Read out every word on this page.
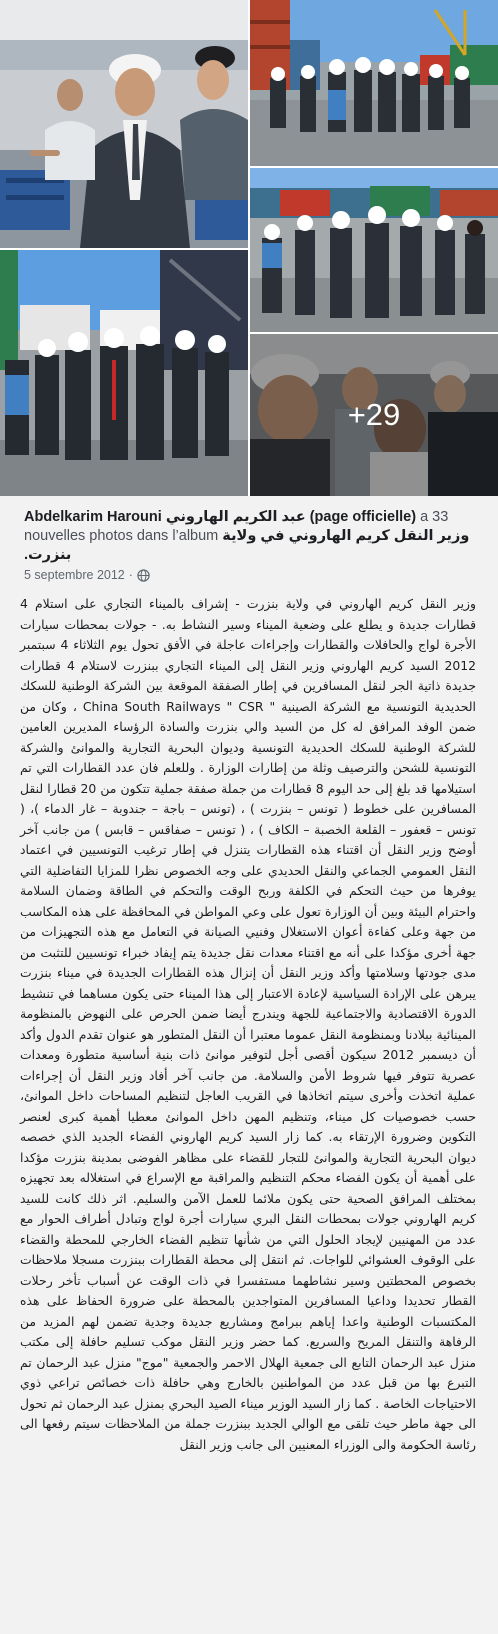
+29
Abdelkarim Harouni عبد الكريم الهاروني (page officielle) a 33 nouvelles photos dans l’album وزير النقل كريم الهاروني في ولاية بنزرت.
5 septembre 2012 ·
وزير النقل كريم الهاروني في ولاية بنزرت - إشراف بالميناء التجاري على استلام 4 قطارات جديدة و يطلع على وضعية الميناء وسير النشاط به. - جولات بمحطات سيارات الأجرة لواج والحافلات والقطارات وإجراءات عاجلة في الأفق تحول يوم الثلاثاء 4 سبتمبر 2012 السيد كريم الهاروني وزير النقل إلى الميناء التجاري ببنزرت لاستلام 4 قطارات جديدة ذاتية الجر لنقل المسافرين في إطار الصفقة الموقعة بين الشركة الوطنية للسكك الحديدية التونسية مع الشركة الصينية " China South Railways " CSR ، وكان من ضمن الوفد المرافق له كل من السيد والي بنزرت والسادة الرؤساء المديرين العامين للشركة الوطنية للسكك الحديدية التونسية وديوان البحرية التجارية والموانئ والشركة التونسية للشحن والترصيف وثلة من إطارات الوزارة . وللعلم فان عدد القطارات التي تم استيلامها قد بلغ إلى حد اليوم 8 قطارات من جملة صفقة جملية تتكون من 20 قطارا لنقل المسافرين على خطوط ( تونس – بنزرت ) ، (تونس – باجة – جندوبة – غار الدماء )، ( تونس – قعفور – القلعة الخصبة – الكاف ) ، ( تونس – صفاقس – قابس ) من جانب آخر أوضح وزير النقل أن اقتناء هذه القطارات يتنزل في إطار ترغيب التونسيين في اعتماد النقل العمومي الجماعي والنقل الحديدي على وجه الخصوص نظرا للمزايا التفاضلية التي يوفرها من حيث التحكم في الكلفة وربح الوقت والتحكم في الطاقة وضمان السلامة واحترام البيئة وبين أن الوزارة تعول على وعي المواطن في المحافظة على هذه المكاسب من جهة وعلى كفاءة أعوان الاستغلال وفنيي الصيانة في التعامل مع هذه التجهيزات من جهة أخرى مؤكدا على أنه مع اقتناء معدات نقل جديدة يتم إيفاد خبراء تونسيين للتثبت من مدى جودتها وسلامتها وأكد وزير النقل أن إنزال هذه القطارات الجديدة في ميناء بنزرت يبرهن على الإرادة السياسية لإعادة الاعتبار إلى هذا الميناء حتى يكون مساهما في تنشيط الدورة الاقتصادية والاجتماعية للجهة ويندرج أيضا ضمن الحرص على النهوض بالمنظومة المينائية ببلادنا وبمنظومة النقل عموما معتبرا أن النقل المتطور هو عنوان تقدم الدول وأكد أن ديسمبر 2012 سيكون أقصى أجل لتوفير موانئ ذات بنية أساسية متطورة ومعدات عصرية تتوفر فيها شروط الأمن والسلامة. من جانب آخر أفاد وزير النقل أن إجراءات عملية اتخذت وأخرى سيتم اتخاذها في القريب العاجل لتنظيم المساحات داخل الموانئ، حسب خصوصيات كل ميناء، وتنظيم المهن داخل الموانئ معطيا أهمية كبرى لعنصر التكوين وضرورة الإرتقاء به. كما زار السيد كريم الهاروني الفضاء الجديد الذي خصصه ديوان البحرية التجارية والموانئ للتجار للقضاء على مظاهر الفوضى بمدينة بنزرت مؤكدا على أهمية أن يكون الفضاء محكم التنظيم والمراقبة مع الإسراع في استغلاله بعد تجهيزه بمختلف المرافق الصحية حتى يكون ملائما للعمل الآمن والسليم. اثر ذلك كانت للسيد كريم الهاروني جولات بمحطات النقل البري سيارات أجرة لواج وتبادل أطراف الحوار مع عدد من المهنيين لإيجاد الحلول التي من شأنها تنظيم الفضاء الخارجي للمحطة والقضاء على الوقوف العشوائي للواجات. ثم انتقل إلى محطة القطارات ببنزرت مسجلا ملاحظات بخصوص المحطتين وسير نشاطهما مستفسرا في ذات الوقت عن أسباب تأخر رحلات القطار تحديدا وداعيا المسافرين المتواجدين بالمحطة على ضرورة الحفاظ على هذه المكتسبات الوطنية واعدا إياهم ببرامج ومشاريع جديدة وجدية تضمن لهم المزيد من الرفاهة والتنقل المريح والسريع. كما حضر وزير النقل موكب تسليم حافلة إلى مكتب منزل عبد الرحمان التابع الى جمعية الهلال الاحمر والجمعية "موج" منزل عبد الرحمان تم التبرع بها من قبل عدد من المواطنين بالخارج وهي حافلة ذات خصائص تراعي ذوي الاحتياجات الخاصة . كما زار السيد الوزير ميناء الصيد البحري بمنزل عبد الرحمان ثم تحول الى جهة ماطر حيث تلقى مع الوالي الجديد ببنزرت جملة من الملاحظات سيتم رفعها الى رئاسة الحكومة والى الوزراء المعنيين الى جانب وزير النقل
